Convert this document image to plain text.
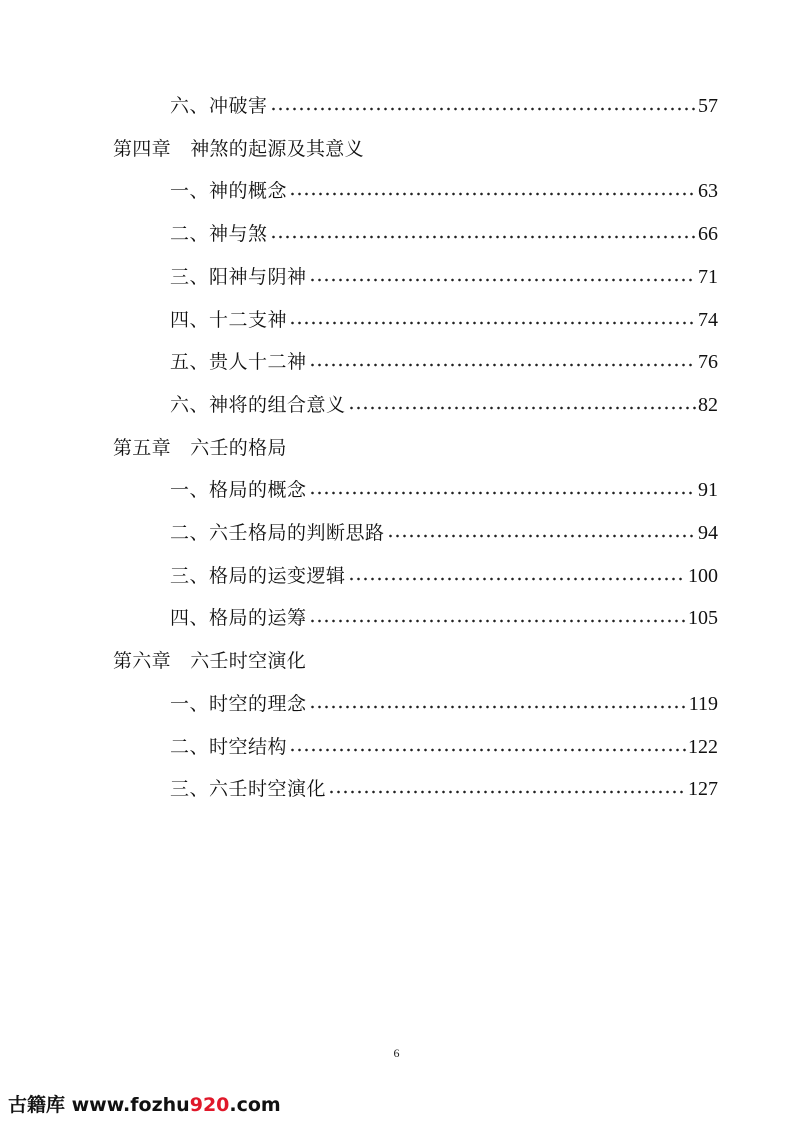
六、冲破害	57
第四章　神煞的起源及其意义
一、神的概念	63
二、神与煞	66
三、阳神与阴神	71
四、十二支神	74
五、贵人十二神	76
六、神将的组合意义	82
第五章　六壬的格局
一、格局的概念	91
二、六壬格局的判断思路	94
三、格局的运变逻辑	100
四、格局的运筹	105
第六章　六壬时空演化
一、时空的理念	119
二、时空结构	122
三、六壬时空演化	127
6
古籍库 www.fozhu920.com
